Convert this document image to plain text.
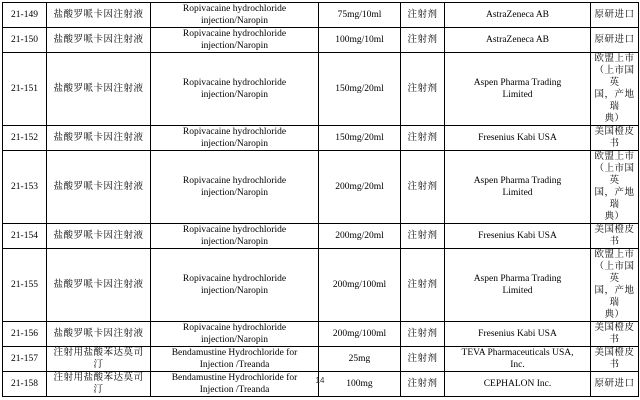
21-149	盐酸罗哌卡因注射液	Ropivacaine hydrochloride
injection/Naropin	75mg/10ml	注射剂	AstraZeneca AB	原研进口

21-150	盐酸罗哌卡因注射液	Ropivacaine hydrochloride
injection/Naropin	100mg/10ml	注射剂	AstraZeneca AB	原研进口

21-151	盐酸罗哌卡因注射液	Ropivacaine hydrochloride
injection/Naropin	150mg/20ml	注射剂	Aspen Pharma Trading
Limited	欧盟上市
（上市国英
国，产地瑞
典）

21-152	盐酸罗哌卡因注射液	Ropivacaine hydrochloride
injection/Naropin	150mg/20ml	注射剂	Fresenius Kabi USA	美国橙皮书

21-153	盐酸罗哌卡因注射液	Ropivacaine hydrochloride
injection/Naropin	200mg/20ml	注射剂	Aspen Pharma Trading
Limited	欧盟上市
（上市国英
国，产地瑞
典）

21-154	盐酸罗哌卡因注射液	Ropivacaine hydrochloride
injection/Naropin	200mg/20ml	注射剂	Fresenius Kabi USA	美国橙皮书

21-155	盐酸罗哌卡因注射液	Ropivacaine hydrochloride
injection/Naropin	200mg/100ml	注射剂	Aspen Pharma Trading
Limited	欧盟上市
（上市国英
国，产地瑞
典）

21-156	盐酸罗哌卡因注射液	Ropivacaine hydrochloride
injection/Naropin	200mg/100ml	注射剂	Fresenius Kabi USA	美国橙皮书

21-157	注射用盐酸苯达莫司
汀	Bendamustine Hydrochloride for
Injection /Treanda	25mg	注射剂	TEVA Pharmaceuticals USA,
Inc.	美国橙皮书

21-158	注射用盐酸苯达莫司
汀	Bendamustine Hydrochloride for
Injection /Treanda	100mg	注射剂	CEPHALON Inc.	原研进口
14
